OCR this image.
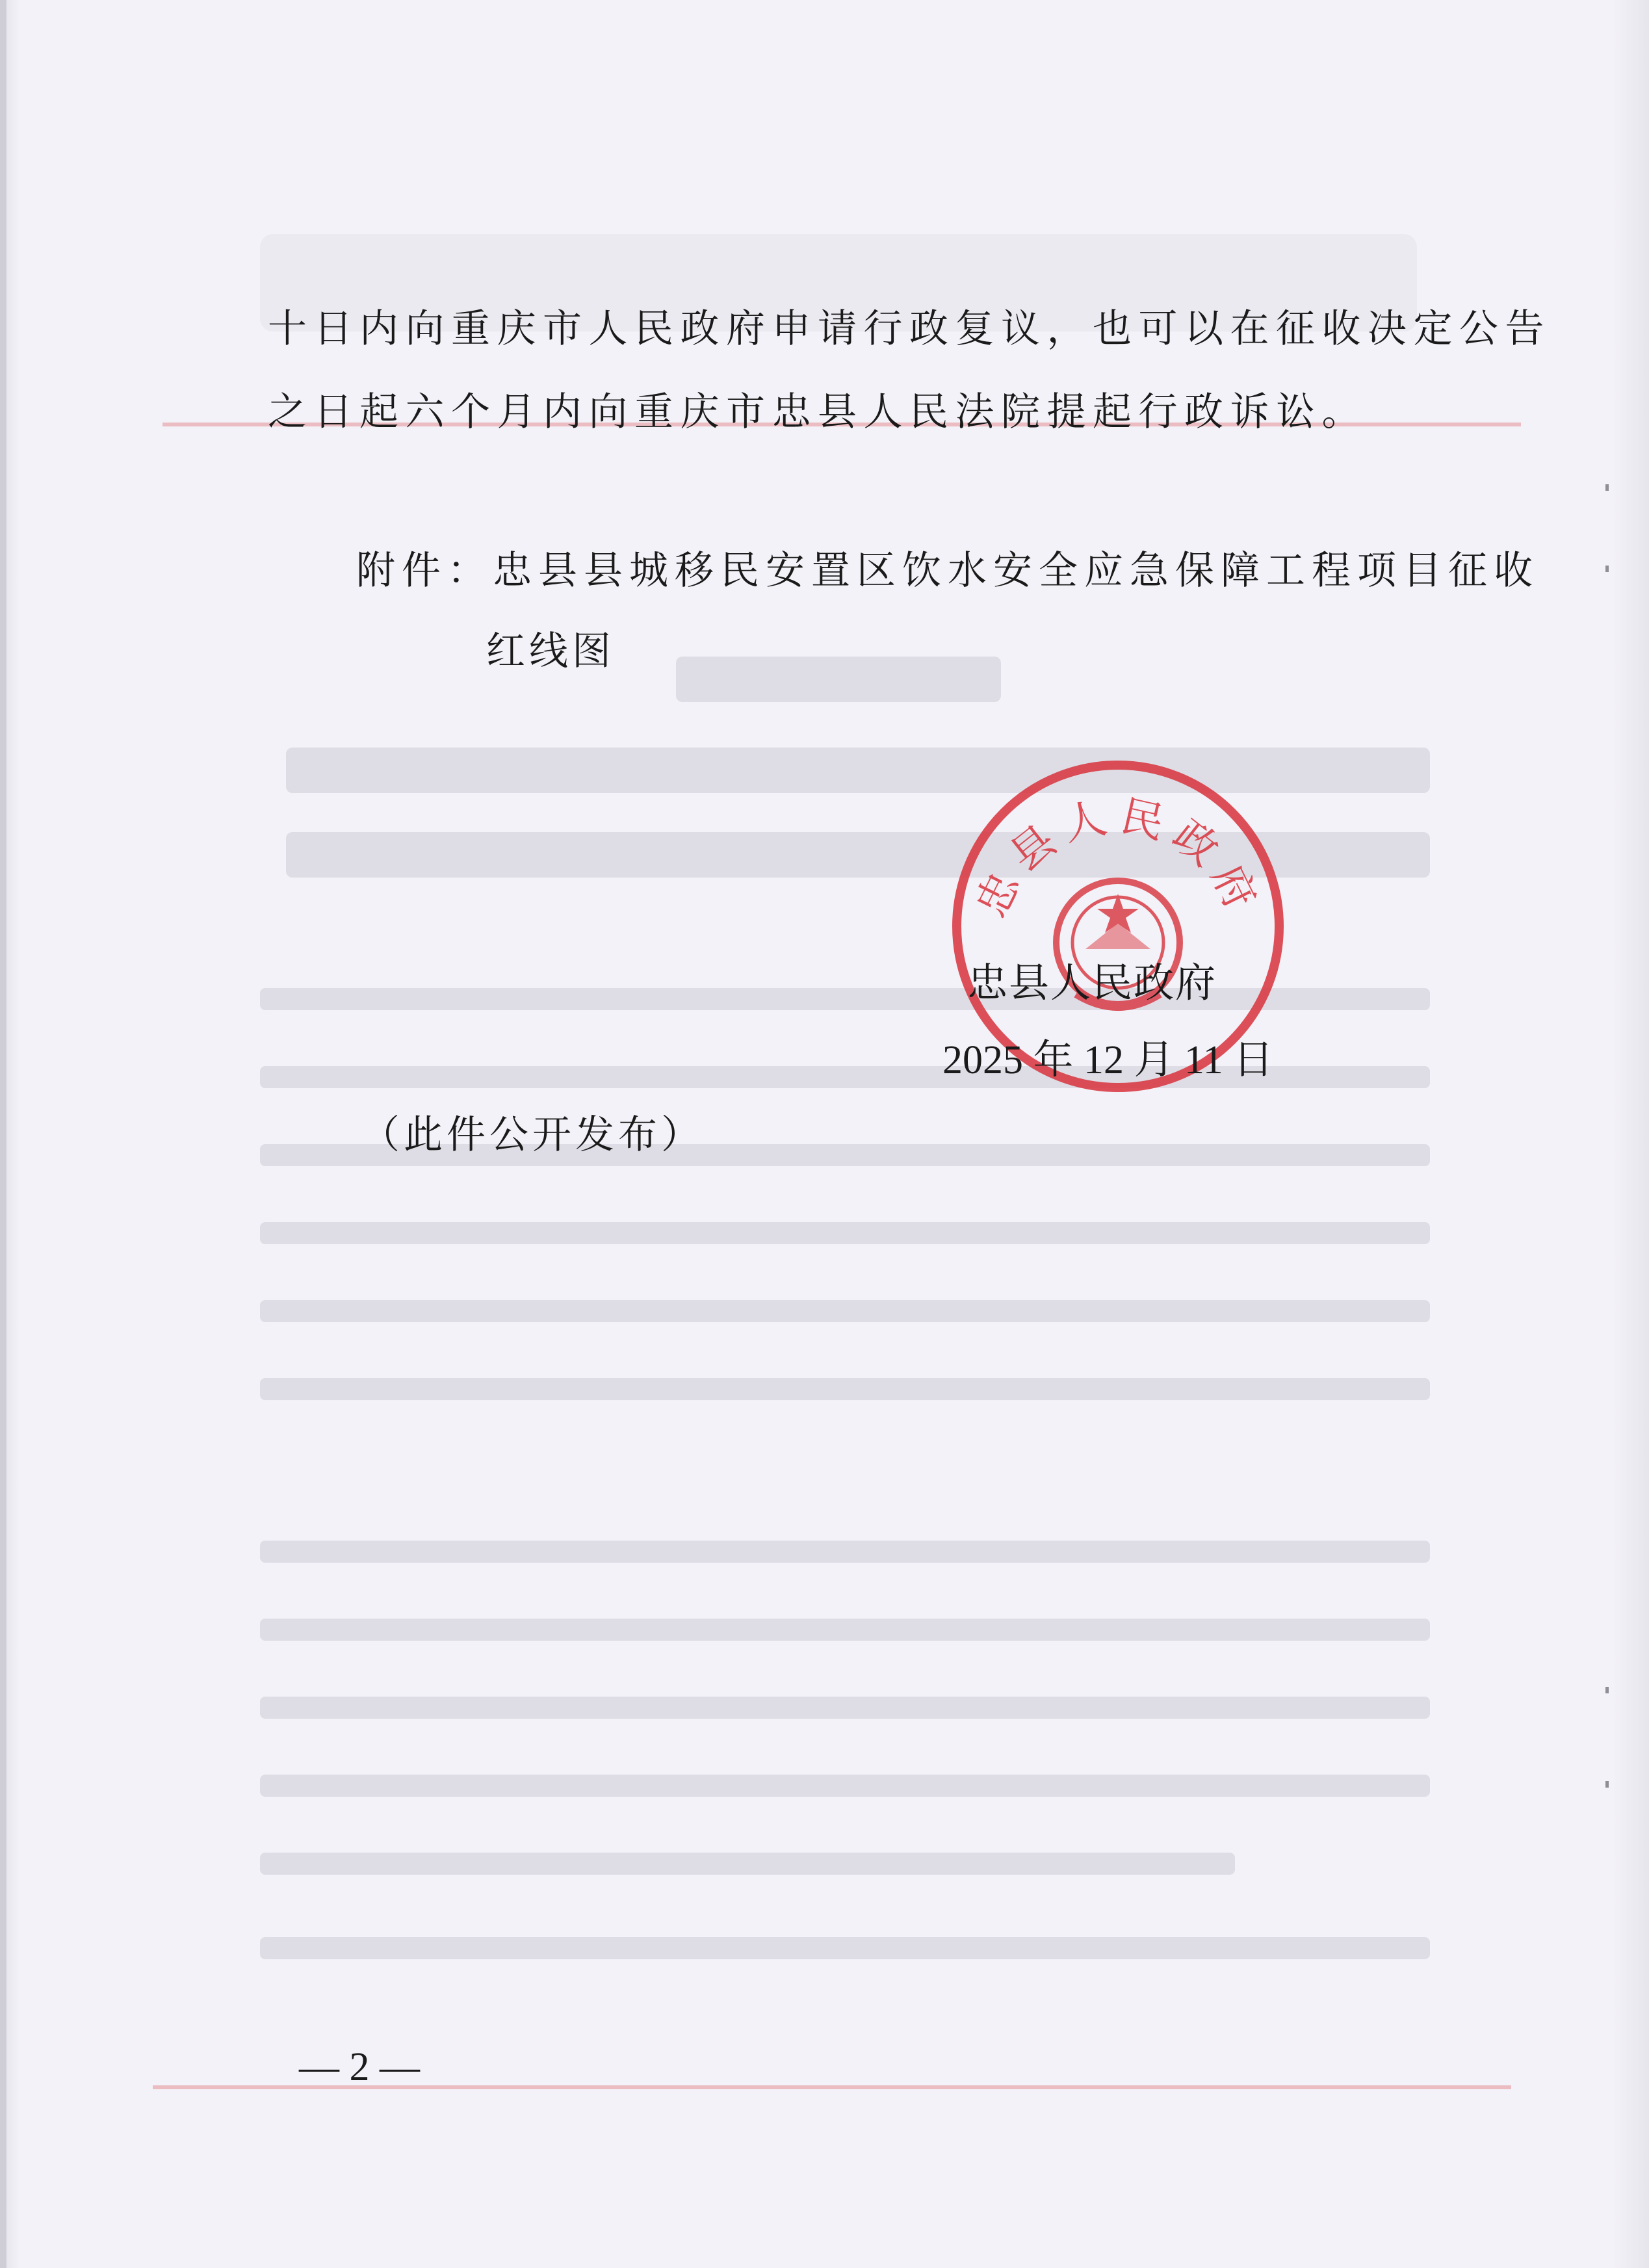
十日内向重庆市人民政府申请行政复议，也可以在征收决定公告
之日起六个月内向重庆市忠县人民法院提起行政诉讼。
附件：忠县县城移民安置区饮水安全应急保障工程项目征收
红线图
忠县人民政府
忠县人民政府
2025 年 12 月 11 日
（此件公开发布）
— 2 —
